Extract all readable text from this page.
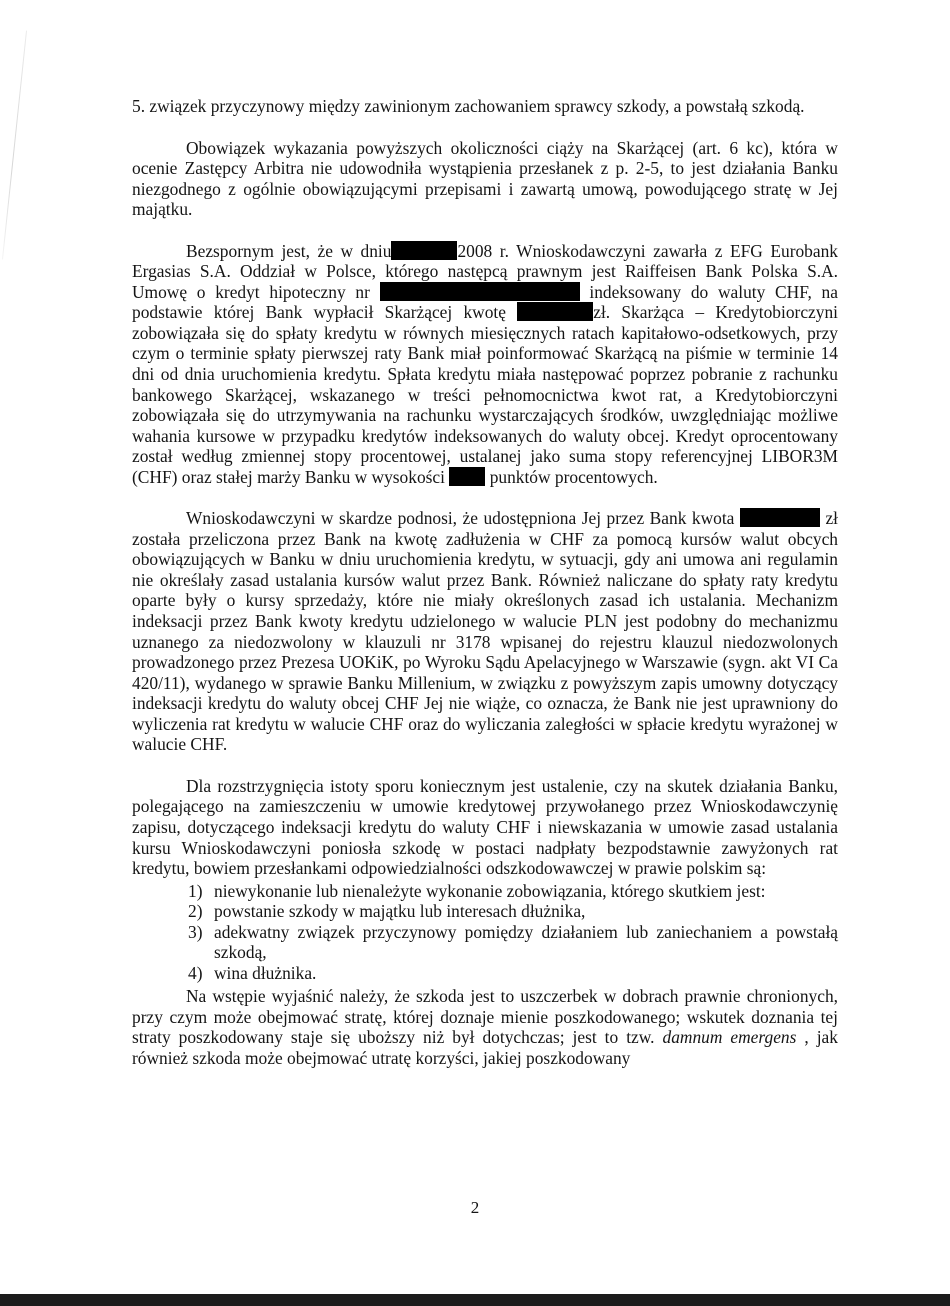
5. związek przyczynowy między zawinionym zachowaniem sprawcy szkody, a powstałą szkodą.

Obowiązek wykazania powyższych okoliczności ciąży na Skarżącej (art. 6 kc), która w ocenie Zastępcy Arbitra nie udowodniła wystąpienia przesłanek z p. 2-5, to jest działania Banku niezgodnego z ogólnie obowiązującymi przepisami i zawartą umową, powodującego stratę w Jej majątku.

Bezspornym jest, że w dniu	2008 r. Wnioskodawczyni zawarła z EFG Eurobank Ergasias S.A. Oddział w Polsce, którego następcą prawnym jest Raiffeisen Bank Polska S.A. Umowę o kredyt hipoteczny nr	indeksowany do waluty CHF, na podstawie której Bank wypłacił Skarżącej kwotę	zł. Skarżąca – Kredytobiorczyni zobowiązała się do spłaty kredytu w równych miesięcznych ratach kapitałowo-odsetkowych, przy czym o terminie spłaty pierwszej raty Bank miał poinformować Skarżącą na piśmie w terminie 14 dni od dnia uruchomienia kredytu. Spłata kredytu miała następować poprzez pobranie z rachunku bankowego Skarżącej, wskazanego w treści pełnomocnictwa kwot rat, a Kredytobiorczyni zobowiązała się do utrzymywania na rachunku wystarczających środków, uwzględniając możliwe wahania kursowe w przypadku kredytów indeksowanych do waluty obcej. Kredyt oprocentowany został według zmiennej stopy procentowej, ustalanej jako suma stopy referencyjnej LIBOR3M (CHF) oraz stałej marży Banku w wysokości	punktów procentowych.

Wnioskodawczyni w skardze podnosi, że udostępniona Jej przez Bank kwota	zł została przeliczona przez Bank na kwotę zadłużenia w CHF za pomocą kursów walut obcych obowiązujących w Banku w dniu uruchomienia kredytu, w sytuacji, gdy ani umowa ani regulamin nie określały zasad ustalania kursów walut przez Bank. Również naliczane do spłaty raty kredytu oparte były o kursy sprzedaży, które nie miały określonych zasad ich ustalania. Mechanizm indeksacji przez Bank kwoty kredytu udzielonego w walucie PLN jest podobny do mechanizmu uznanego za niedozwolony w klauzuli nr 3178 wpisanej do rejestru klauzul niedozwolonych prowadzonego przez Prezesa UOKiK, po Wyroku Sądu Apelacyjnego w Warszawie (sygn. akt VI Ca 420/11), wydanego w sprawie Banku Millenium, w związku z powyższym zapis umowny dotyczący indeksacji kredytu do waluty obcej CHF Jej nie wiąże, co oznacza, że Bank nie jest uprawniony do wyliczenia rat kredytu w walucie CHF oraz do wyliczania zaległości w spłacie kredytu wyrażonej w walucie CHF.

Dla rozstrzygnięcia istoty sporu koniecznym jest ustalenie, czy na skutek działania Banku, polegającego na zamieszczeniu w umowie kredytowej przywołanego przez Wnioskodawczynię zapisu, dotyczącego indeksacji kredytu do waluty CHF i niewskazania w umowie zasad ustalania kursu Wnioskodawczyni poniosła szkodę w postaci nadpłaty bezpodstawnie zawyżonych rat kredytu, bowiem przesłankami odpowiedzialności odszkodowawczej w prawie polskim są:

1) niewykonanie lub nienależyte wykonanie zobowiązania, którego skutkiem jest:
2) powstanie szkody w majątku lub interesach dłużnika,
3) adekwatny związek przyczynowy pomiędzy działaniem lub zaniechaniem a powstałą szkodą,
4) wina dłużnika.

Na wstępie wyjaśnić należy, że szkoda jest to uszczerbek w dobrach prawnie chronionych, przy czym może obejmować stratę, której doznaje mienie poszkodowanego; wskutek doznania tej straty poszkodowany staje się uboższy niż był dotychczas; jest to tzw. damnum emergens , jak również szkoda może obejmować utratę korzyści, jakiej poszkodowany

2
